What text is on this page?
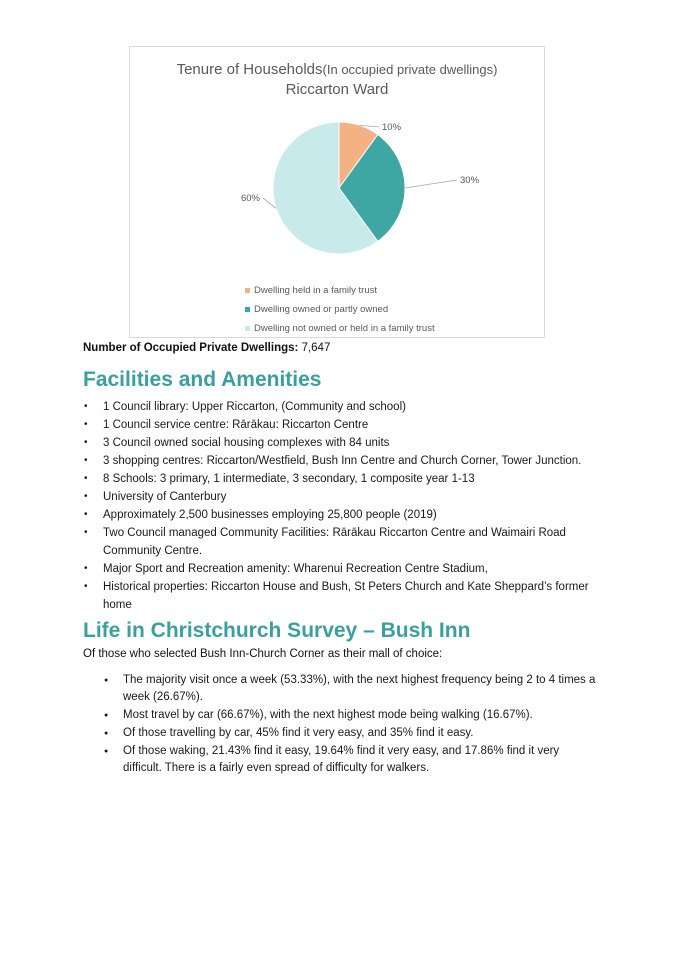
Tenure of Households(In occupied private dwellings)
Riccarton Ward
10%
30%
60%
Dwelling held in a family trust
Dwelling owned or partly owned
Dwelling not owned or held in a family trust
Number of Occupied Private Dwellings: 7,647
Facilities and Amenities
• 1 Council library: Upper Riccarton, (Community and school)
• 1 Council service centre: Rārākau: Riccarton Centre
• 3 Council owned social housing complexes with 84 units
• 3 shopping centres: Riccarton/Westfield, Bush Inn Centre and Church Corner, Tower Junction.
• 8 Schools: 3 primary, 1 intermediate, 3 secondary, 1 composite year 1-13
• University of Canterbury
• Approximately 2,500 businesses employing 25,800 people (2019)
• Two Council managed Community Facilities: Rārākau Riccarton Centre and Waimairi Road Community Centre.
• Major Sport and Recreation amenity: Wharenui Recreation Centre Stadium,
• Historical properties: Riccarton House and Bush, St Peters Church and Kate Sheppard’s former home
Life in Christchurch Survey – Bush Inn
Of those who selected Bush Inn-Church Corner as their mall of choice:
● The majority visit once a week (53.33%), with the next highest frequency being 2 to 4 times a week (26.67%).
● Most travel by car (66.67%), with the next highest mode being walking (16.67%).
● Of those travelling by car, 45% find it very easy, and 35% find it easy.
● Of those waking, 21.43% find it easy, 19.64% find it very easy, and 17.86% find it very difficult. There is a fairly even spread of difficulty for walkers.
